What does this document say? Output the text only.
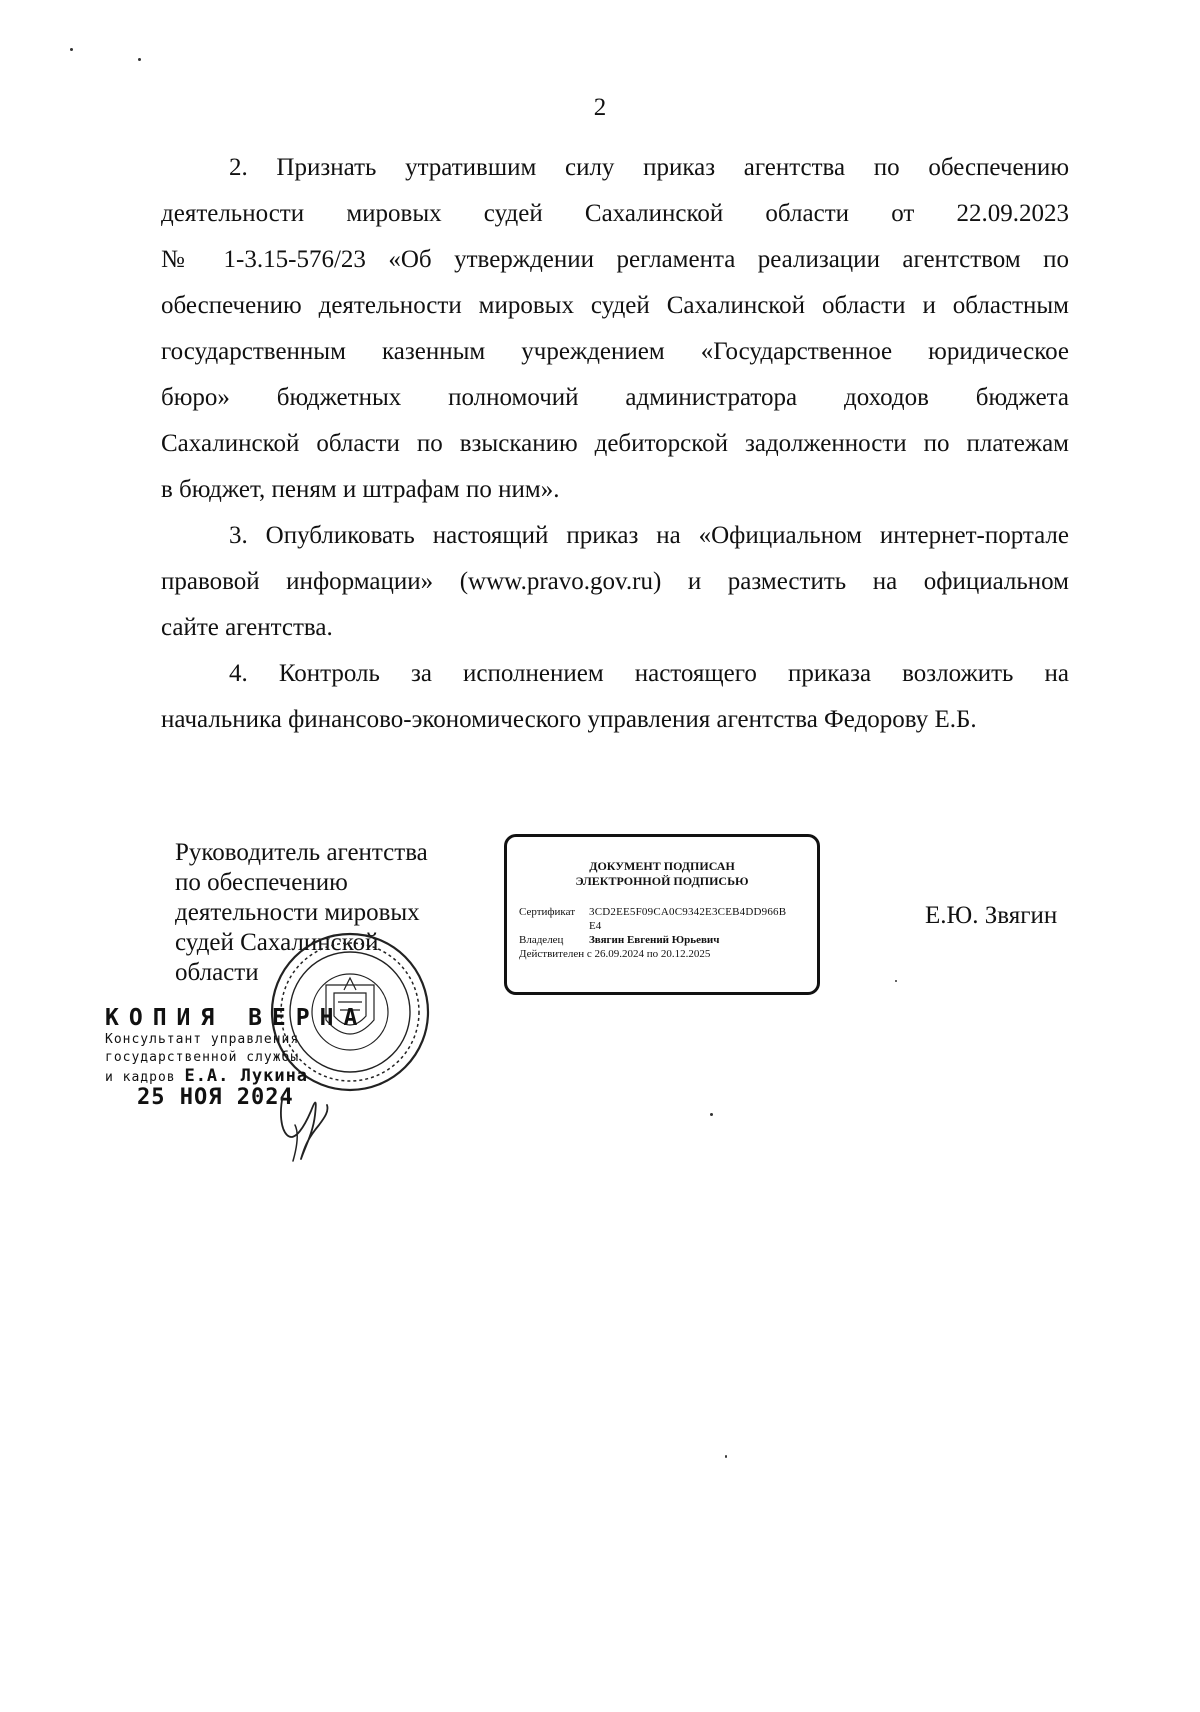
2

2. Признать утратившим силу приказ агентства по обеспечению

деятельности мировых судей Сахалинской области от 22.09.2023
№ 1-3.15-576/23 «Об утверждении регламента реализации агентством по
обеспечению деятельности мировых судей Сахалинской области и областным
государственным казенным учреждением «Государственное юридическое
бюро» бюджетных полномочий администратора доходов бюджета
Сахалинской области по взысканию дебиторской задолженности по платежам
в бюджет, пеням и штрафам по ним».

3. Опубликовать настоящий приказ на «Официальном интернет-портале

правовой информации» (www.pravo.gov.ru) и разместить на официальном
сайте агентства.

4. Контроль за исполнением настоящего приказа возложить на

начальника финансово-экономического управления агентства Федорову Е.Б.
Руководитель агентства
по обеспечению
деятельности мировых
судей Сахалинской
области
Е.Ю. Звягин
ДОКУМЕНТ ПОДПИСАН
ЭЛЕКТРОННОЙ ПОДПИСЬЮ
Сертификат 3CD2EE5F09CA0C9342E3CEB4DD966B
E4
Владелец Звягин Евгений Юрьевич
Действителен с 26.09.2024 по 20.12.2025
КОПИЯ ВЕРНА
Консультант управления
государственной службы
и кадров Е.А. Лукина
25 НОЯ 2024
